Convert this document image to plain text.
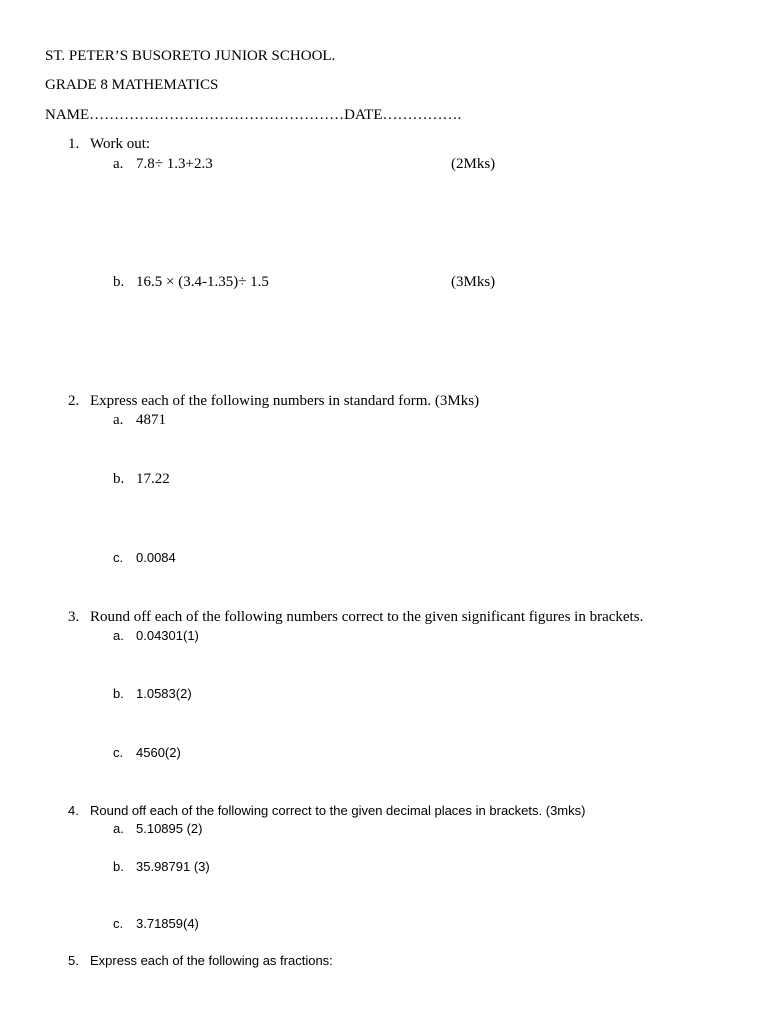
ST. PETER’S BUSORETO JUNIOR SCHOOL.
GRADE 8 MATHEMATICS
NAME……………………………………………DATE…………….
1. Work out:
a. 7.8÷ 1.3+2.3	(2Mks)
b. 16.5 × (3.4-1.35)÷ 1.5	(3Mks)
2. Express each of the following numbers in standard form. (3Mks)
a. 4871
b. 17.22
c. 0.0084
3. Round off each of the following numbers correct to the given significant figures in brackets.
a. 0.04301(1)
b. 1.0583(2)
c. 4560(2)
4. Round off each of the following correct to the given decimal places in brackets. (3mks)
a. 5.10895 (2)
b. 35.98791 (3)
c. 3.71859(4)
5. Express each of the following as fractions:
